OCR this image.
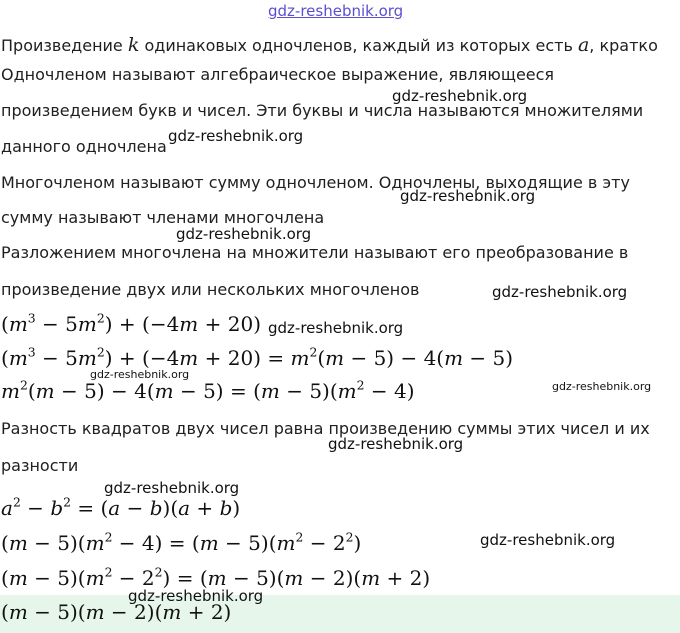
gdz-reshebnik.org
Произведение k одинаковых одночленов, каждый из которых есть a, кратко
Одночленом называют алгебраическое выражение, являющееся
произведением букв и чисел. Эти буквы и числа называются множителями
данного одночлена
Многочленом называют сумму одночленом. Одночлены, выходящие в эту
сумму называют членами многочлена
Разложением многочлена на множители называют его преобразование в
произведение двух или нескольких многочленов
$(m^3 - 5m^2) + (-4m + 20)$
$(m^3 - 5m^2) + (-4m + 20) = m^2(m - 5) - 4(m - 5)$
$m^2(m - 5) - 4(m - 5) = (m - 5)(m^2 - 4)$
Разность квадратов двух чисел равна произведению суммы этих чисел и их
разности
$a^2 - b^2 = (a - b)(a + b)$
$(m - 5)(m^2 - 4) = (m - 5)(m^2 - 2^2)$
$(m - 5)(m^2 - 2^2) = (m - 5)(m - 2)(m + 2)$
(m − 5)(m − 2)(m + 2)
gdz-reshebnik.org
gdz-reshebnik.org
gdz-reshebnik.org
gdz-reshebnik.org
gdz-reshebnik.org
gdz-reshebnik.org
gdz-reshebnik.org
gdz-reshebnik.org
gdz-reshebnik.org
gdz-reshebnik.org
gdz-reshebnik.org
gdz-reshebnik.org
